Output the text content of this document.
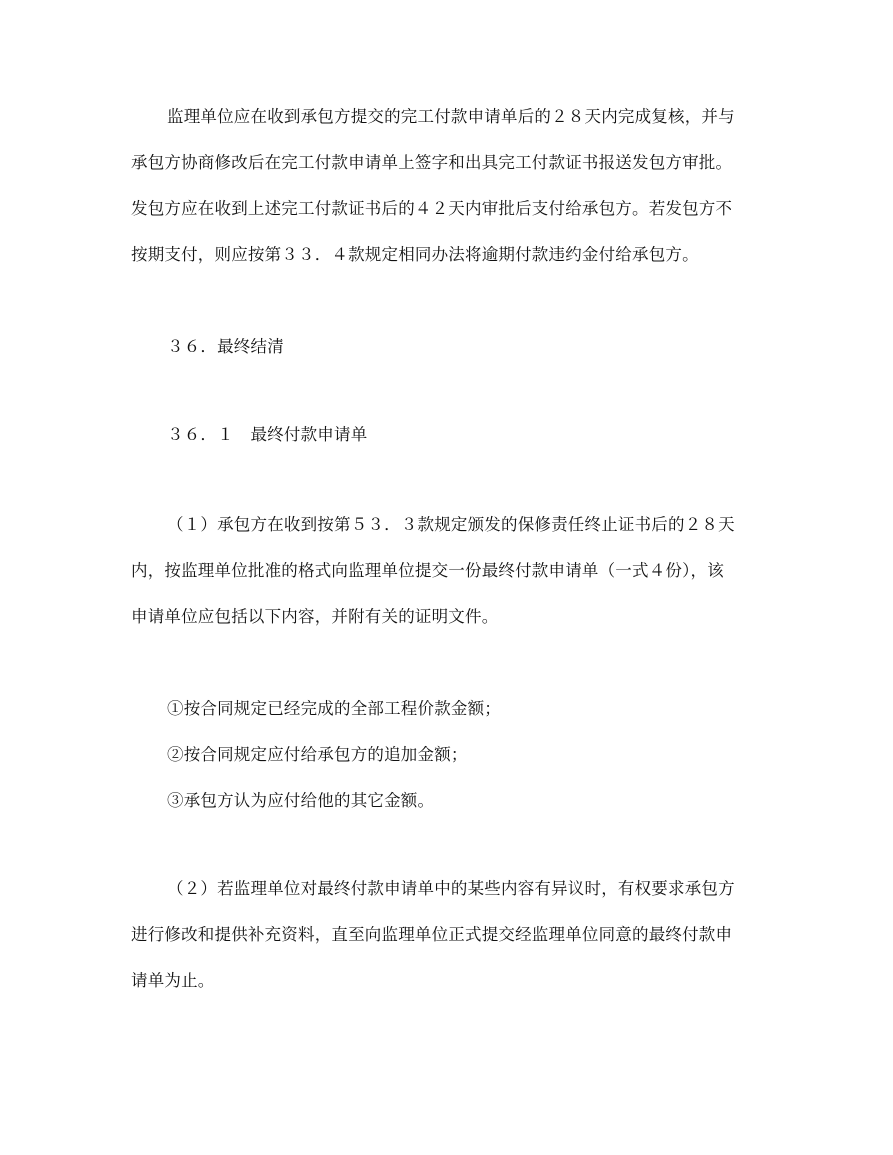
监理单位应在收到承包方提交的完工付款申请单后的２８天内完成复核，并与
承包方协商修改后在完工付款申请单上签字和出具完工付款证书报送发包方审批。
发包方应在收到上述完工付款证书后的４２天内审批后支付给承包方。若发包方不
按期支付，则应按第３３．４款规定相同办法将逾期付款违约金付给承包方。
３６．最终结清
３６．１　最终付款申请单
（１）承包方在收到按第５３．３款规定颁发的保修责任终止证书后的２８天
内，按监理单位批准的格式向监理单位提交一份最终付款申请单（一式４份），该
申请单位应包括以下内容，并附有关的证明文件。
①按合同规定已经完成的全部工程价款金额；
②按合同规定应付给承包方的追加金额；
③承包方认为应付给他的其它金额。
（２）若监理单位对最终付款申请单中的某些内容有异议时，有权要求承包方
进行修改和提供补充资料，直至向监理单位正式提交经监理单位同意的最终付款申
请单为止。
